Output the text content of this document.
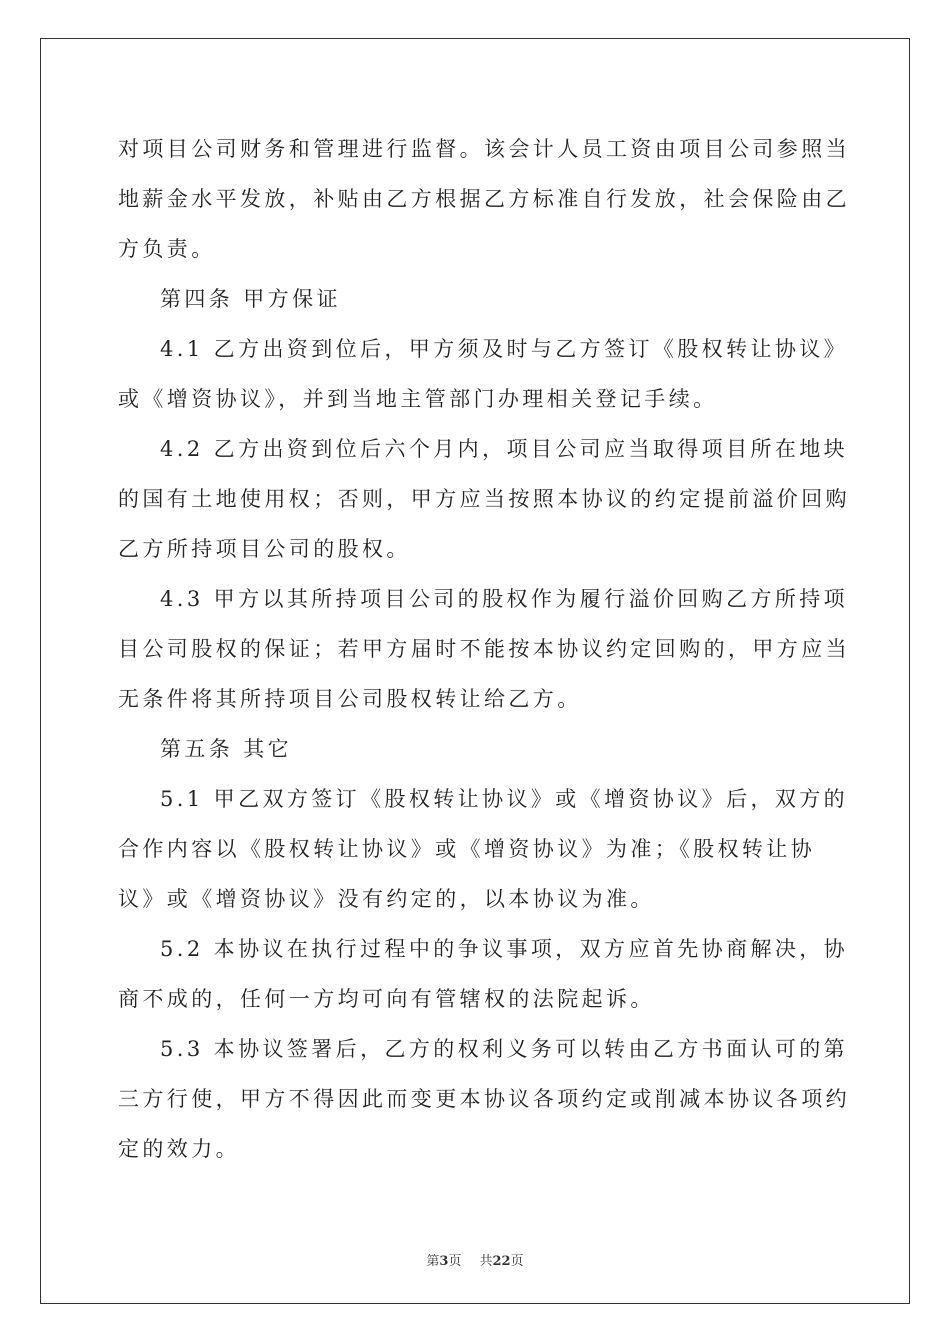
对项目公司财务和管理进行监督。该会计人员工资由项目公司参照当
地薪金水平发放，补贴由乙方根据乙方标准自行发放，社会保险由乙
方负责。
第四条 甲方保证
4.1 乙方出资到位后，甲方须及时与乙方签订《股权转让协议》
或《增资协议》，并到当地主管部门办理相关登记手续。
4.2 乙方出资到位后六个月内，项目公司应当取得项目所在地块
的国有土地使用权；否则，甲方应当按照本协议的约定提前溢价回购
乙方所持项目公司的股权。
4.3 甲方以其所持项目公司的股权作为履行溢价回购乙方所持项
目公司股权的保证；若甲方届时不能按本协议约定回购的，甲方应当
无条件将其所持项目公司股权转让给乙方。
第五条 其它
5.1 甲乙双方签订《股权转让协议》或《增资协议》后，双方的
合作内容以《股权转让协议》或《增资协议》为准；《股权转让协
议》或《增资协议》没有约定的，以本协议为准。
5.2 本协议在执行过程中的争议事项，双方应首先协商解决，协
商不成的，任何一方均可向有管辖权的法院起诉。
5.3 本协议签署后，乙方的权利义务可以转由乙方书面认可的第
三方行使，甲方不得因此而变更本协议各项约定或削减本协议各项约
定的效力。
第3页 共22页
